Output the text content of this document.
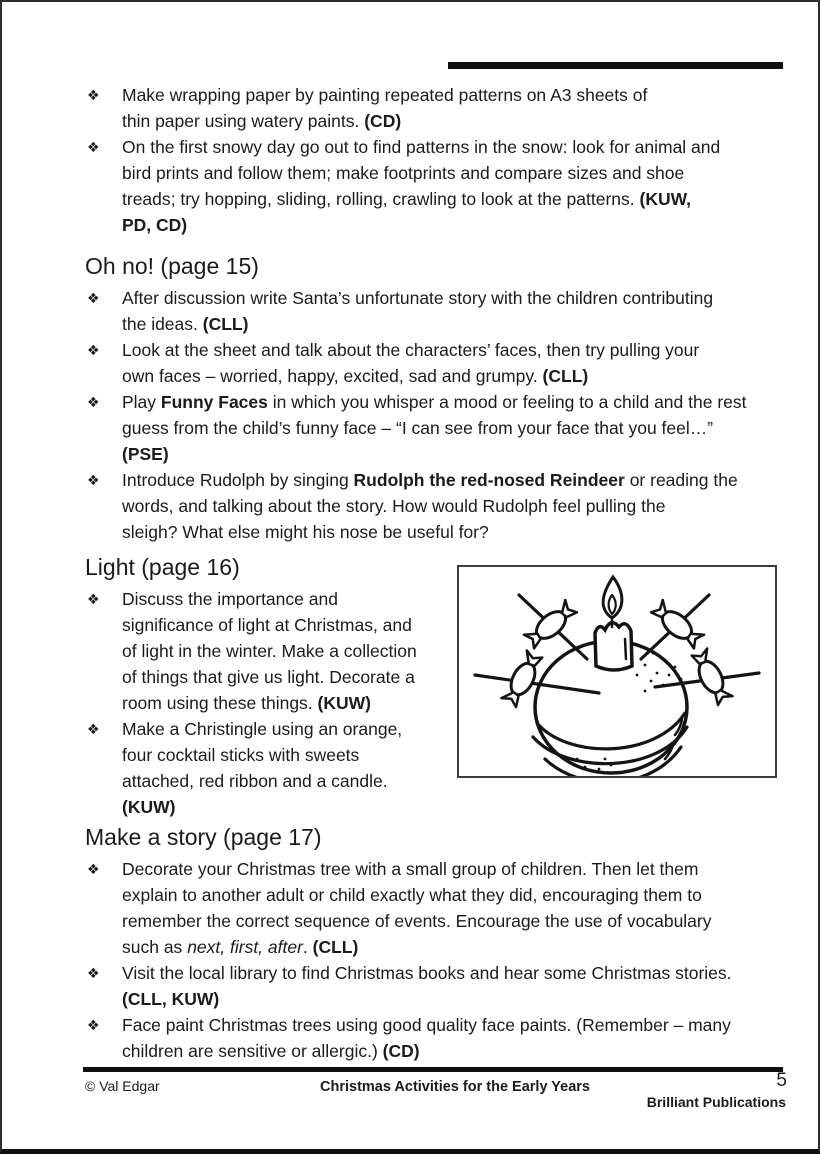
❖	Make wrapping paper by painting repeated patterns on A3 sheets of
thin paper using watery paints. (CD)
❖	On the first snowy day go out to find patterns in the snow: look for animal and
bird prints and follow them; make footprints and compare sizes and shoe
treads; try hopping, sliding, rolling, crawling to look at the patterns. (KUW,
PD, CD)
Oh no! (page 15)
❖	After discussion write Santa’s unfortunate story with the children contributing
the ideas. (CLL)
❖	Look at the sheet and talk about the characters’ faces, then try pulling your
own faces – worried, happy, excited, sad and grumpy. (CLL)
❖	Play Funny Faces in which you whisper a mood or feeling to a child and the rest
guess from the child’s funny face – “I can see from your face that you feel…”
(PSE)
❖	Introduce Rudolph by singing Rudolph the red-nosed Reindeer or reading the
words, and talking about the story. How would Rudolph feel pulling the
sleigh? What else might his nose be useful for?
Light (page 16)
❖	Discuss the importance and
significance of light at Christmas, and
of light in the winter. Make a collection
of things that give us light. Decorate a
room using these things. (KUW)
❖	Make a Christingle using an orange,
four cocktail sticks with sweets
attached, red ribbon and a candle.
(KUW)
Make a story (page 17)
❖	Decorate your Christmas tree with a small group of children. Then let them
explain to another adult or child exactly what they did, encouraging them to
remember the correct sequence of events. Encourage the use of vocabulary
such as next, first, after. (CLL)
❖	Visit the local library to find Christmas books and hear some Christmas stories.
(CLL, KUW)
❖	Face paint Christmas trees using good quality face paints. (Remember – many
children are sensitive or allergic.) (CD)
© Val Edgar	Christmas Activities for the Early Years	5
Brilliant Publications
